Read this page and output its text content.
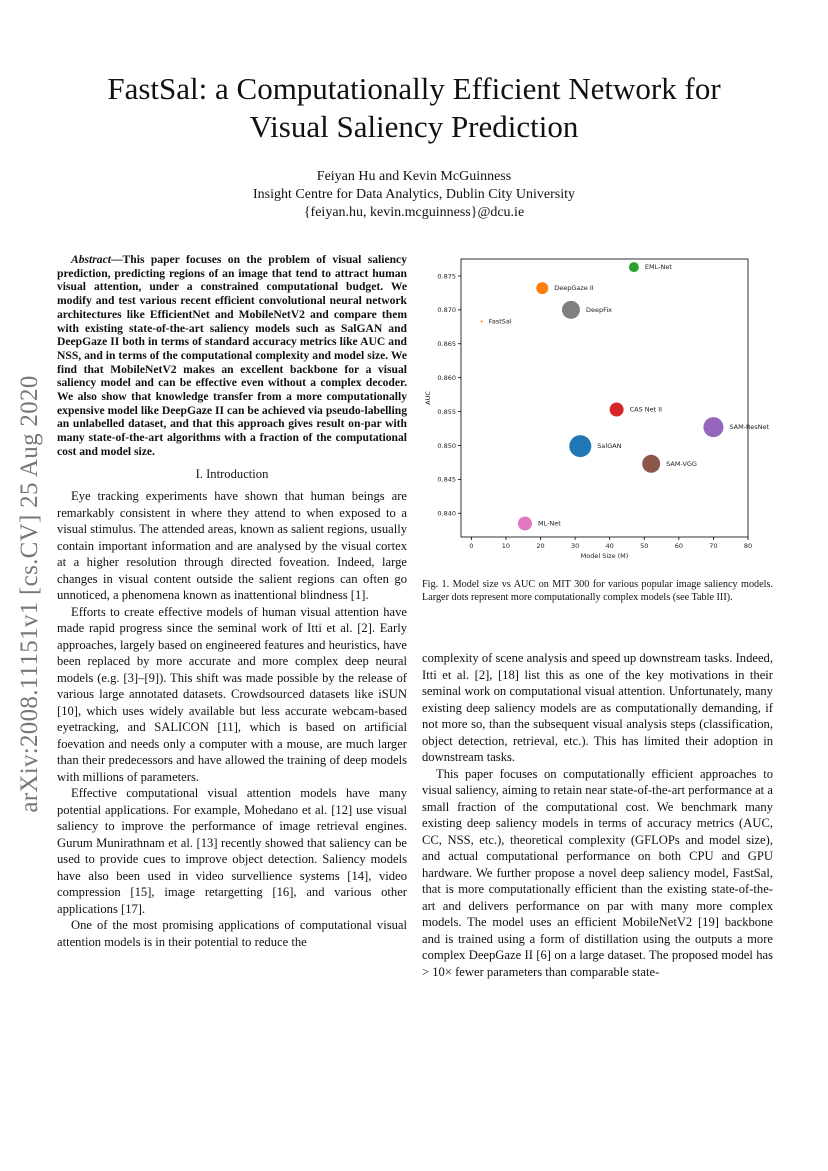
arXiv:2008.11151v1 [cs.CV] 25 Aug 2020
FastSal: a Computationally Efficient Network for
Visual Saliency Prediction
Feiyan Hu and Kevin McGuinness
Insight Centre for Data Analytics, Dublin City University
{feiyan.hu, kevin.mcguinness}@dcu.ie

Abstract—This paper focuses on the problem of visual saliency prediction, predicting regions of an image that tend to attract human visual attention, under a constrained computational budget. We modify and test various recent efficient convolutional neural network architectures like EfficientNet and MobileNetV2 and compare them with existing state-of-the-art saliency models such as SalGAN and DeepGaze II both in terms of standard accuracy metrics like AUC and NSS, and in terms of the computational complexity and model size. We find that MobileNetV2 makes an excellent backbone for a visual saliency model and can be effective even without a complex decoder. We also show that knowledge transfer from a more computationally expensive model like DeepGaze II can be achieved via pseudo-labelling an unlabelled dataset, and that this approach gives result on-par with many state-of-the-art algorithms with a fraction of the computational cost and model size.

I. Introduction

Eye tracking experiments have shown that human beings are remarkably consistent in where they attend to when exposed to a visual stimulus. The attended areas, known as salient regions, usually contain important information and are analysed by the visual cortex at a higher resolution through directed foveation. Indeed, large changes in visual content outside the salient regions can often go unnoticed, a phenomena known as inattentional blindness [1].

Efforts to create effective models of human visual attention have made rapid progress since the seminal work of Itti et al. [2]. Early approaches, largely based on engineered features and heuristics, have been replaced by more accurate and more complex deep neural models (e.g. [3]–[9]). This shift was made possible by the release of various large annotated datasets. Crowdsourced datasets like iSUN [10], which uses widely available but less accurate webcam-based eyetracking, and SALICON [11], which is based on artificial foevation and needs only a computer with a mouse, are much larger than their predecessors and have allowed the training of deep models with millions of parameters.

Effective computational visual attention models have many potential applications. For example, Mohedano et al. [12] use visual saliency to improve the performance of image retrieval engines. Gurum Munirathnam et al. [13] recently showed that saliency can be used to provide cues to improve object detection. Saliency models have also been used in video survellience systems [14], video compression [15], image retargetting [16], and various other applications [17].

One of the most promising applications of computational visual attention models is in their potential to reduce the

0	10	20	30	40	50	60	70	80
0.840
0.845
0.850
0.855
0.860
0.865
0.870
0.875
Model Size (M)
AUC
EML-Net
DeepGaze II
DeepFix
FastSal
CAS Net II
SAM-ResNet
SalGAN
SAM-VGG
ML-Net
Fig. 1. Model size vs AUC on MIT 300 for various popular image saliency models. Larger dots represent more computationally complex models (see Table III).

complexity of scene analysis and speed up downstream tasks. Indeed, Itti et al. [2], [18] list this as one of the key motivations in their seminal work on computational visual attention. Unfortunately, many existing deep saliency models are as computationally demanding, if not more so, than the subsequent visual analysis steps (classification, object detection, retrieval, etc.). This has limited their adoption in downstream tasks.

This paper focuses on computationally efficient approaches to visual saliency, aiming to retain near state-of-the-art performance at a small fraction of the computational cost. We benchmark many existing deep saliency models in terms of accuracy metrics (AUC, CC, NSS, etc.), theoretical complexity (GFLOPs and model size), and actual computational performance on both CPU and GPU hardware. We further propose a novel deep saliency model, FastSal, that is more computationally efficient than the existing state-of-the-art and delivers performance on par with many more complex models. The model uses an efficient MobileNetV2 [19] backbone and is trained using a form of distillation using the outputs a more complex DeepGaze II [6] on a large dataset. The proposed model has > 10× fewer parameters than comparable state-
